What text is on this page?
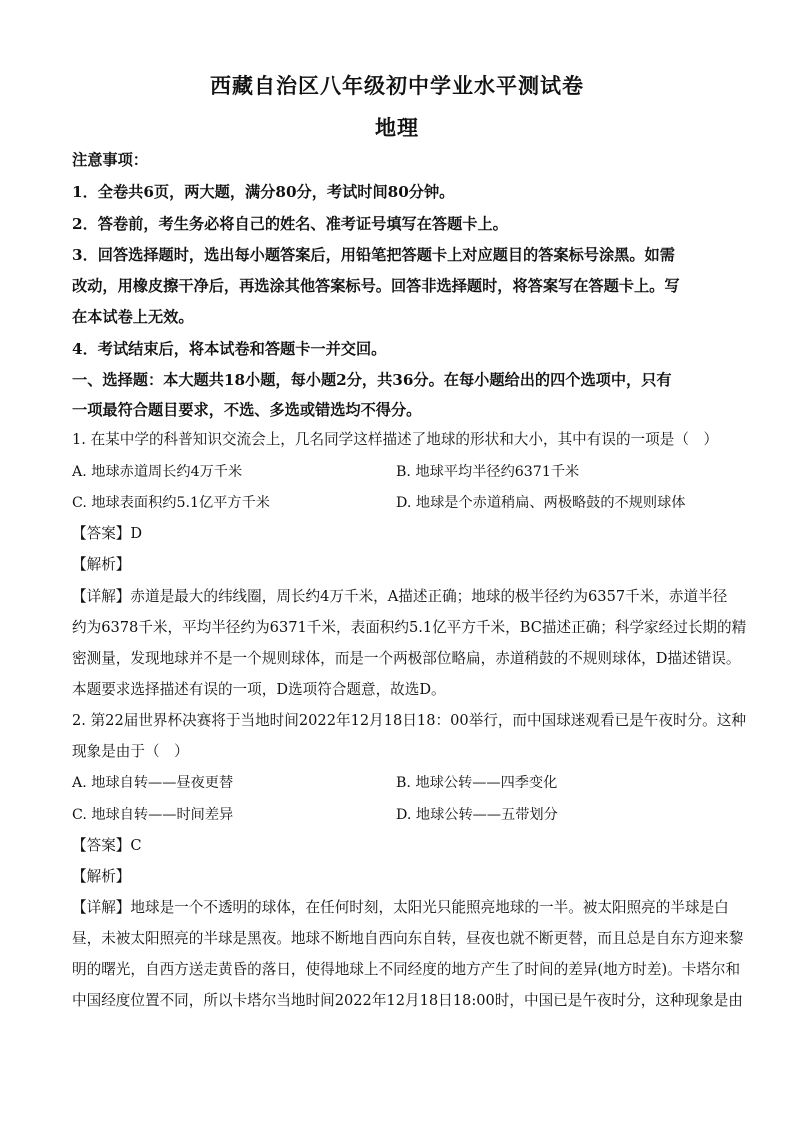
西藏自治区八年级初中学业水平测试卷
地理
注意事项：
1．全卷共6页，两大题，满分80分，考试时间80分钟。
2．答卷前，考生务必将自己的姓名、准考证号填写在答题卡上。
3．回答选择题时，选出每小题答案后，用铅笔把答题卡上对应题目的答案标号涂黑。如需
改动，用橡皮擦干净后，再选涂其他答案标号。回答非选择题时，将答案写在答题卡上。写
在本试卷上无效。
4．考试结束后，将本试卷和答题卡一并交回。
一、选择题：本大题共18小题，每小题2分，共36分。在每小题给出的四个选项中，只有
一项最符合题目要求，不选、多选或错选均不得分。
1. 在某中学的科普知识交流会上，几名同学这样描述了地球的形状和大小，其中有误的一项是（　）
A. 地球赤道周长约4万千米	B. 地球平均半径约6371千米
C. 地球表面积约5.1亿平方千米	D. 地球是个赤道稍扁、两极略鼓的不规则球体
【答案】D
【解析】
【详解】赤道是最大的纬线圈，周长约4万千米，A描述正确；地球的极半径约为6357千米，赤道半径
约为6378千米，平均半径约为6371千米，表面积约5.1亿平方千米，BC描述正确；科学家经过长期的精
密测量，发现地球并不是一个规则球体，而是一个两极部位略扁，赤道稍鼓的不规则球体，D描述错误。
本题要求选择描述有误的一项，D选项符合题意，故选D。
2. 第22届世界杯决赛将于当地时间2022年12月18日18：00举行，而中国球迷观看已是午夜时分。这种
现象是由于（　）
A. 地球自转——昼夜更替	B. 地球公转——四季变化
C. 地球自转——时间差异	D. 地球公转——五带划分
【答案】C
【解析】
【详解】地球是一个不透明的球体，在任何时刻，太阳光只能照亮地球的一半。被太阳照亮的半球是白
昼，未被太阳照亮的半球是黑夜。地球不断地自西向东自转，昼夜也就不断更替，而且总是自东方迎来黎
明的曙光，自西方送走黄昏的落日，使得地球上不同经度的地方产生了时间的差异(地方时差)。卡塔尔和
中国经度位置不同，所以卡塔尔当地时间2022年12月18日18:00时，中国已是午夜时分，这种现象是由
